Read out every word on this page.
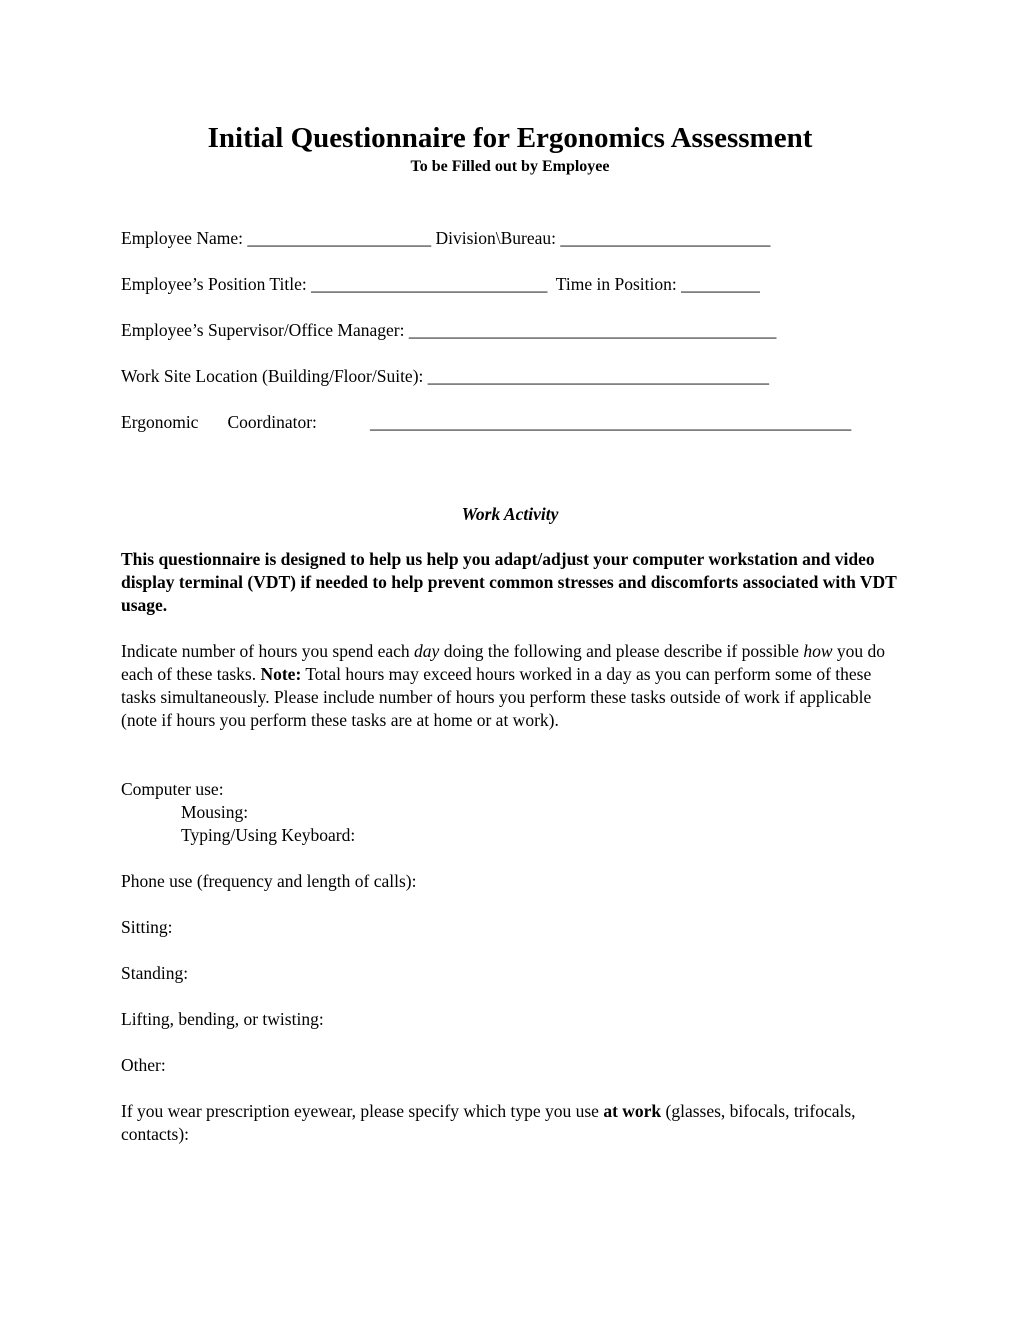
Initial Questionnaire for Ergonomics Assessment
To be Filled out by Employee
Employee Name: _____________________ Division\Bureau: ________________________
Employee’s Position Title: ___________________________ Time in Position: _________
Employee’s Supervisor/Office Manager: __________________________________________
Work Site Location (Building/Floor/Suite): _______________________________________
Ergonomic Coordinator:	_______________________________________________________
Work Activity
This questionnaire is designed to help us help you adapt/adjust your computer workstation and video display terminal (VDT) if needed to help prevent common stresses and discomforts associated with VDT usage.
Indicate number of hours you spend each day doing the following and please describe if possible how you do each of these tasks. Note: Total hours may exceed hours worked in a day as you can perform some of these tasks simultaneously. Please include number of hours you perform these tasks outside of work if applicable (note if hours you perform these tasks are at home or at work).
Computer use:
Mousing:
Typing/Using Keyboard:
Phone use (frequency and length of calls):
Sitting:
Standing:
Lifting, bending, or twisting:
Other:
If you wear prescription eyewear, please specify which type you use at work (glasses, bifocals, trifocals, contacts):
